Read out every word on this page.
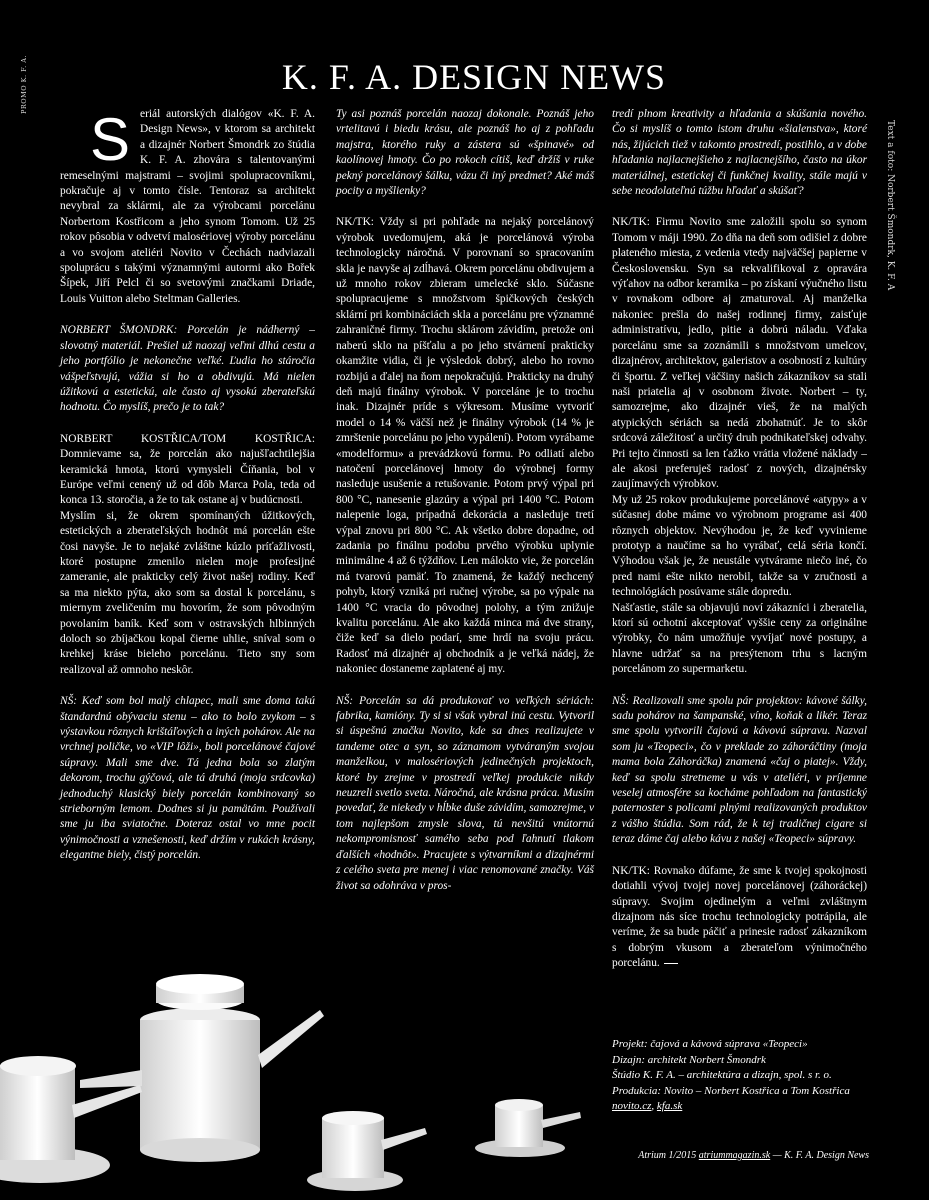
PROMO K. F. A.
Text a foto: Norbert Šmondrk, K. F. A
K. F. A. DESIGN NEWS

Seriál autorských dialógov «K. F. A. Design News», v ktorom sa architekt a dizajnér Norbert Šmondrk zo štúdia K. F. A. zhovára s talentovanými remeselnými majstrami – svojimi spolupracovníkmi, pokračuje aj v tomto čísle. Tentoraz sa architekt nevybral za sklármi, ale za výrobcami porcelánu Norbertom Kostřicom a jeho synom Tomom. Už 25 rokov pôsobia v odvetví malosériovej výroby porcelánu a vo svojom ateliéri Novito v Čechách nadviazali spoluprácu s takými významnými autormi ako Bořek Šípek, Jiří Pelcl či so svetovými značkami Driade, Louis Vuitton alebo Steltman Galleries.

NORBERT ŠMONDRK: Porcelán je nádherný – slovotný materiál. Prešiel už naozaj veľmi dlhú cestu a jeho portfólio je nekonečne veľké. Ľudia ho stáročia vášpeľstvujú, vážia si ho a obdivujú. Má nielen úžitkovú a estetickú, ale často aj vysokú zberateľskú hodnotu. Čo myslíš, prečo je to tak?

NORBERT KOSTŘICA/TOM KOSTŘICA: Domnievame sa, že porcelán ako najušľachtilejšia keramická hmota, ktorú vymysleli Číňania, bol v Európe veľmi cenený už od dôb Marca Pola, teda od konca 13. storočia, a že to tak ostane aj v budúcnosti.

Myslím si, že okrem spomínaných úžitkových, estetických a zberateľských hodnôt má porcelán ešte čosi navyše. Je to nejaké zvláštne kúzlo príťažlivosti, ktoré postupne zmenilo nielen moje profesijné zameranie, ale prakticky celý život našej rodiny. Keď sa ma niekto pýta, ako som sa dostal k porcelánu, s miernym zveličením mu hovorím, že som pôvodným povolaním baník. Keď som v ostravských hlbinných doloch so zbíjačkou kopal čierne uhlie, sníval som o krehkej kráse bieleho porcelánu. Tieto sny som realizoval až omnoho neskôr.

NŠ: Keď som bol malý chlapec, mali sme doma takú štandardnú obývaciu stenu – ako to bolo zvykom – s výstavkou rôznych krištáľových a iných pohárov. Ale na vrchnej poličke, vo «VIP lôži», boli porcelánové čajové súpravy. Mali sme dve. Tá jedna bola so zlatým dekorom, trochu gýčová, ale tá druhá (moja srdcovka) jednoduchý klasický biely porcelán kombinovaný so strieborným lemom. Dodnes si ju pamätám. Používali sme ju iba sviatočne. Doteraz ostal vo mne pocit výnimočnosti a vznešenosti, keď držím v rukách krásny, elegantne biely, čistý porcelán.

Ty asi poznáš porcelán naozaj dokonale. Poznáš jeho vrtelitavú i biedu krásu, ale poznáš ho aj z pohľadu majstra, ktorého ruky a zástera sú «špinavé» od kaolínovej hmoty. Čo po rokoch cítiš, keď držíš v ruke pekný porcelánový šálku, vázu či iný predmet? Aké máš pocity a myšlienky?

NK/TK: Vždy si pri pohľade na nejaký porcelánový výrobok uvedomujem, aká je porcelánová výroba technologicky náročná. V porovnaní so spracovaním skla je navyše aj zdĺhavá. Okrem porcelánu obdivujem a už mnoho rokov zbieram umelecké sklo. Súčasne spolupracujeme s množstvom špičkových českých sklární pri kombináciách skla a porcelánu pre významné zahraničné firmy. Trochu sklárom závidím, pretože oni naberú sklo na píšťalu a po jeho stvárnení prakticky okamžite vidia, či je výsledok dobrý, alebo ho rovno rozbijú a ďalej na ňom nepokračujú. Prakticky na druhý deň majú finálny výrobok. V porceláne je to trochu inak. Dizajnér príde s výkresom. Musíme vytvoriť model o 14 % väčší než je finálny výrobok (14 % je zmrštenie porcelánu po jeho vypálení). Potom vyrábame «modelformu» a prevádzkovú formu. Po odliatí alebo natočení porcelánovej hmoty do výrobnej formy nasleduje usušenie a retušovanie. Potom prvý výpal pri 800 °C, nanesenie glazúry a výpal pri 1400 °C. Potom nalepenie loga, prípadná dekorácia a nasleduje tretí výpal znovu pri 800 °C. Ak všetko dobre dopadne, od zadania po finálnu podobu prvého výrobku uplynie minimálne 4 až 6 týždňov. Len málokto vie, že porcelán má tvarovú pamäť. To znamená, že každý nechcený pohyb, ktorý vzniká pri ručnej výrobe, sa po výpale na 1400 °C vracia do pôvodnej polohy, a tým znižuje kvalitu porcelánu. Ale ako každá minca má dve strany, čiže keď sa dielo podarí, sme hrdí na svoju prácu. Radosť má dizajnér aj obchodník a je veľká nádej, že nakoniec dostaneme zaplatené aj my.

NŠ: Porcelán sa dá produkovať vo veľkých sériách: fabrika, kamióny. Ty si si však vybral inú cestu. Vytvoril si úspešnú značku Novito, kde sa dnes realizujete v tandeme otec a syn, so záznamom vytváraným svojou manželkou, v malosériových jedinečných projektoch, ktoré by zrejme v prostredí veľkej produkcie nikdy neuzreli svetlo sveta. Náročná, ale krásna práca. Musím povedať, že niekedy v hĺbke duše závidím, samozrejme, v tom najlepšom zmysle slova, tú nevšitú vnútornú nekompromisnosť samého seba pod ľahnutí tlakom ďalších «hodnôt». Pracujete s výtvarníkmi a dizajnérmi z celého sveta pre menej i viac renomované značky. Váš život sa odohráva v pros-

tredí plnom kreativity a hľadania a skúšania nového. Čo si myslíš o tomto istom druhu «šialenstva», ktoré nás, žijúcich tiež v takomto prostredí, postihlo, a v dobe hľadania najlacnejšieho z najlacnejšího, často na úkor materiálnej, estetickej či funkčnej kvality, stále majú v sebe neodolateľnú túžbu hľadať a skúšať?

NK/TK: Firmu Novito sme založili spolu so synom Tomom v máji 1990. Zo dňa na deň som odišiel z dobre plateného miesta, z vedenia vtedy najväčšej papierne v Československu. Syn sa rekvalifikoval z opravára výťahov na odbor keramika – po získaní výučného listu v rovnakom odbore aj zmaturoval. Aj manželka nakoniec prešla do našej rodinnej firmy, zaisťuje administratívu, jedlo, pitie a dobrú náladu. Vďaka porcelánu sme sa zoznámili s množstvom umelcov, dizajnérov, architektov, galeristov a osobností z kultúry či športu. Z veľkej väčšiny našich zákazníkov sa stali naši priatelia aj v osobnom živote. Norbert – ty, samozrejme, ako dizajnér vieš, že na malých atypických sériách sa nedá zbohatnúť. Je to skôr srdcová záležitosť a určitý druh podnikateľskej odvahy. Pri tejto činnosti sa len ťažko vrátia vložené náklady – ale akosi preferuješ radosť z nových, dizajnérsky zaujímavých výrobkov.

My už 25 rokov produkujeme porcelánové «atypy» a v súčasnej dobe máme vo výrobnom programe asi 400 rôznych objektov. Nevýhodou je, že keď vyvinieme prototyp a naučíme sa ho vyrábať, celá séria končí. Výhodou však je, že neustále vytvárame niečo iné, čo pred nami ešte nikto nerobil, takže sa v zručnosti a technológiách posúvame stále dopredu.

Našťastie, stále sa objavujú noví zákazníci i zberatelia, ktorí sú ochotní akceptovať vyššie ceny za originálne výrobky, čo nám umožňuje vyvíjať nové postupy, a hlavne udržať sa na presýtenom trhu s lacným porcelánom zo supermarketu.

NŠ: Realizovali sme spolu pár projektov: kávové šálky, sadu pohárov na šampanské, víno, koňak a likér. Teraz sme spolu vytvorili čajovú a kávovú súpravu. Nazval som ju «Teopeci», čo v preklade zo záhoráčtiny (moja mama bola Záhoráčka) znamená «čaj o piatej». Vždy, keď sa spolu stretneme u vás v ateliéri, v príjemne veselej atmosfére sa kocháme pohľadom na fantastický paternoster s policami plnými realizovaných produktov z vášho štúdia. Som rád, že k tej tradičnej cigare si teraz dáme čaj alebo kávu z našej «Teopeci» súpravy.

NK/TK: Rovnako dúfame, že sme k tvojej spokojnosti dotiahli vývoj tvojej novej porcelánovej (záhoráckej) súpravy. Svojim ojedinelým a veľmi zvláštnym dizajnom nás síce trochu technologicky potrápila, ale veríme, že sa bude páčiť a prinesie radosť zákazníkom s dobrým vkusom a zberateľom výnimočného porcelánu.

Projekt: čajová a kávová súprava «Teopeci»
Dizajn: architekt Norbert Šmondrk
Štúdio K. F. A. – architektúra a dizajn, spol. s r. o.
Produkcia: Novito – Norbert Kostřica a Tom Kostřica
novito.cz, kfa.sk
Atrium 1/2015 atriummagazin.sk — K. F. A. Design News
